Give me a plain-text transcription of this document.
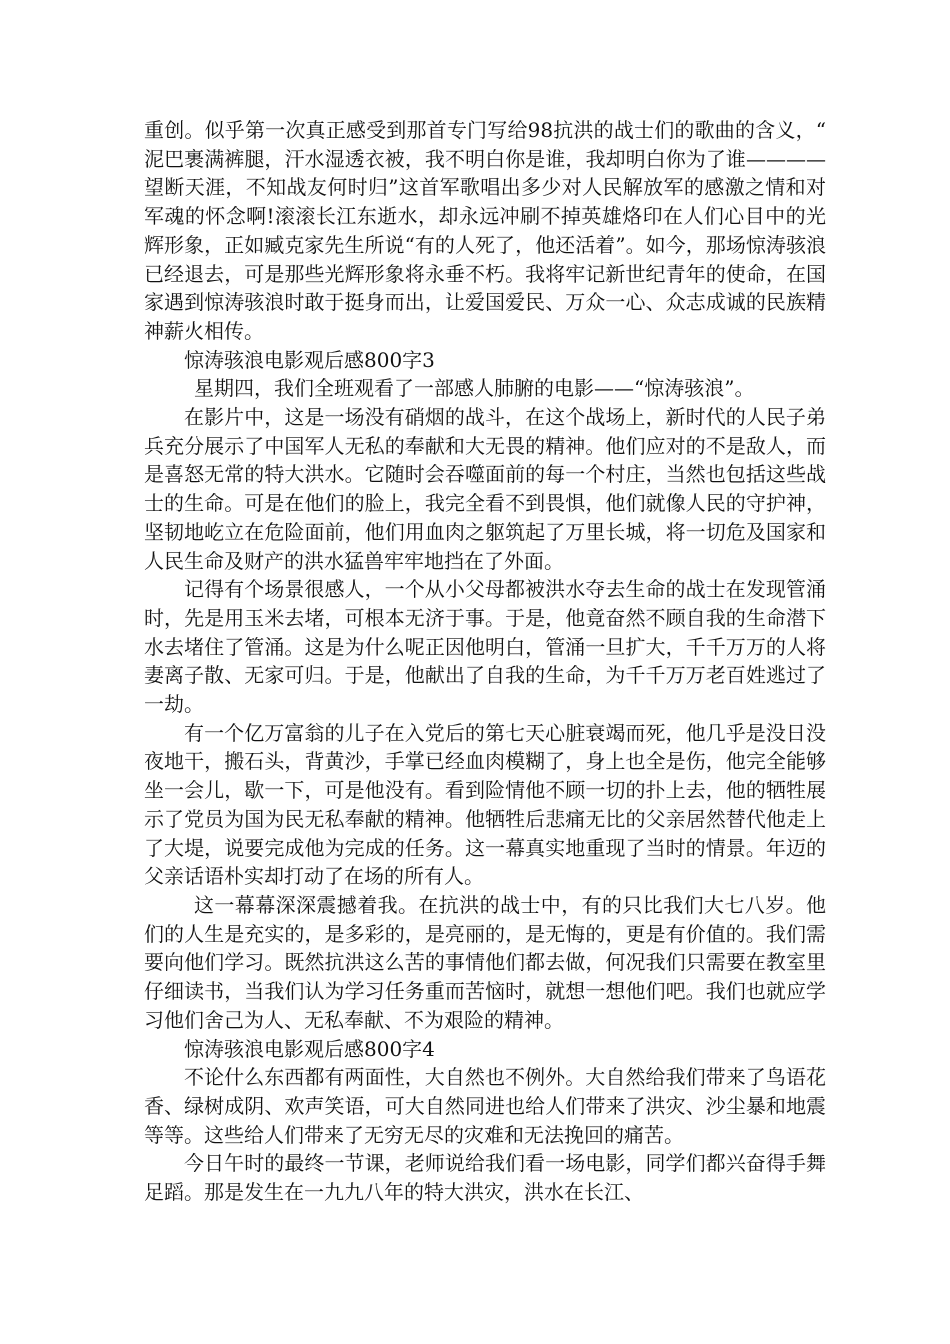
重创。似乎第一次真正感受到那首专门写给98抗洪的战士们的歌曲的含义，“泥巴裹满裤腿，汗水湿透衣被，我不明白你是谁，我却明白你为了谁————望断天涯，不知战友何时归”这首军歌唱出多少对人民解放军的感激之情和对军魂的怀念啊!滚滚长江东逝水，却永远冲刷不掉英雄烙印在人们心目中的光辉形象，正如臧克家先生所说“有的人死了，他还活着”。如今，那场惊涛骇浪已经退去，可是那些光辉形象将永垂不朽。我将牢记新世纪青年的使命，在国家遇到惊涛骇浪时敢于挺身而出，让爱国爱民、万众一心、众志成诚的民族精神薪火相传。

惊涛骇浪电影观后感800字3

星期四，我们全班观看了一部感人肺腑的电影——“惊涛骇浪”。

在影片中，这是一场没有硝烟的战斗，在这个战场上，新时代的人民子弟兵充分展示了中国军人无私的奉献和大无畏的精神。他们应对的不是敌人，而是喜怒无常的特大洪水。它随时会吞噬面前的每一个村庄，当然也包括这些战士的生命。可是在他们的脸上，我完全看不到畏惧，他们就像人民的守护神，坚韧地屹立在危险面前，他们用血肉之躯筑起了万里长城，将一切危及国家和人民生命及财产的洪水猛兽牢牢地挡在了外面。

记得有个场景很感人，一个从小父母都被洪水夺去生命的战士在发现管涌时，先是用玉米去堵，可根本无济于事。于是，他竟奋然不顾自我的生命潜下水去堵住了管涌。这是为什么呢正因他明白，管涌一旦扩大，千千万万的人将妻离子散、无家可归。于是，他献出了自我的生命，为千千万万老百姓逃过了一劫。

有一个亿万富翁的儿子在入党后的第七天心脏衰竭而死，他几乎是没日没夜地干，搬石头，背黄沙，手掌已经血肉模糊了，身上也全是伤，他完全能够坐一会儿，歇一下，可是他没有。看到险情他不顾一切的扑上去，他的牺牲展示了党员为国为民无私奉献的精神。他牺牲后悲痛无比的父亲居然替代他走上了大堤，说要完成他为完成的任务。这一幕真实地重现了当时的情景。年迈的父亲话语朴实却打动了在场的所有人。

这一幕幕深深震撼着我。在抗洪的战士中，有的只比我们大七八岁。他们的人生是充实的，是多彩的，是亮丽的，是无悔的，更是有价值的。我们需要向他们学习。既然抗洪这么苦的事情他们都去做，何况我们只需要在教室里仔细读书，当我们认为学习任务重而苦恼时，就想一想他们吧。我们也就应学习他们舍己为人、无私奉献、不为艰险的精神。

惊涛骇浪电影观后感800字4

不论什么东西都有两面性，大自然也不例外。大自然给我们带来了鸟语花香、绿树成阴、欢声笑语，可大自然同进也给人们带来了洪灾、沙尘暴和地震等等。这些给人们带来了无穷无尽的灾难和无法挽回的痛苦。

今日午时的最终一节课，老师说给我们看一场电影，同学们都兴奋得手舞足蹈。那是发生在一九九八年的特大洪灾，洪水在长江、
